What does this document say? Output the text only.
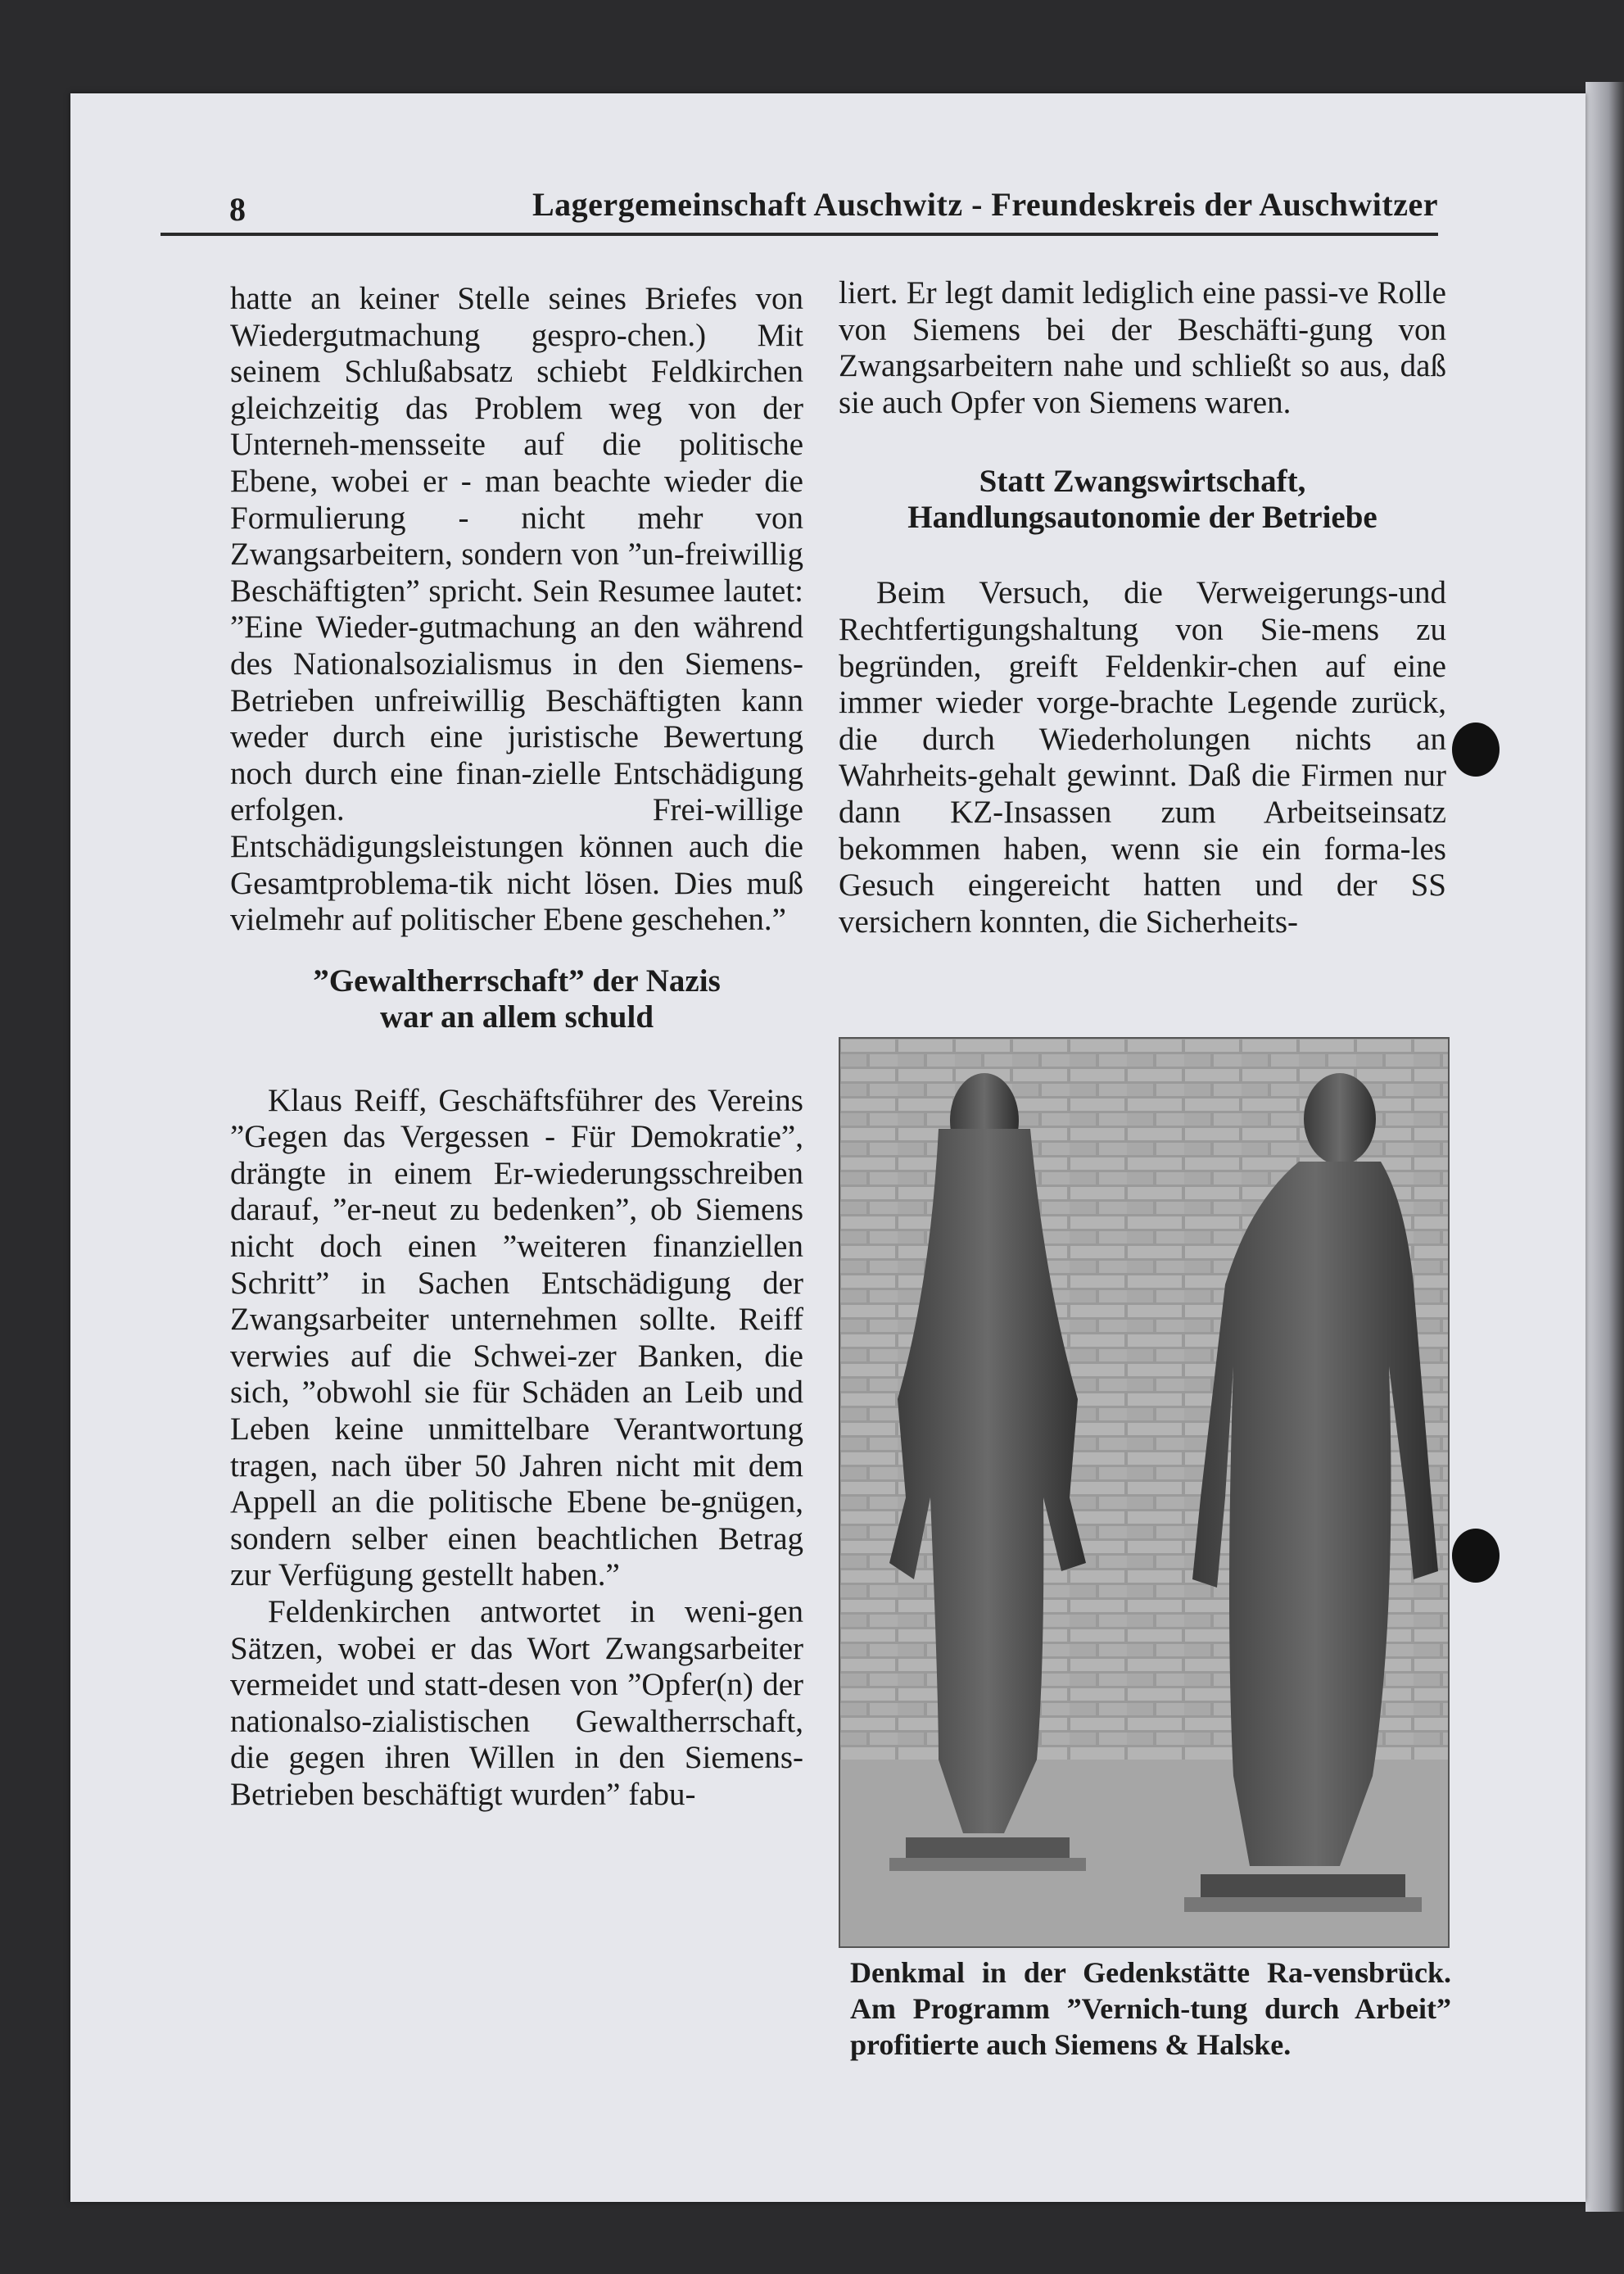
8	Lagergemeinschaft Auschwitz - Freundeskreis der Auschwitzer

hatte an keiner Stelle seines Briefes von Wiedergutmachung gespro-chen.) Mit seinem Schlußabsatz schiebt Feldkirchen gleichzeitig das Problem weg von der Unterneh-mensseite auf die politische Ebene, wobei er - man beachte wieder die Formulierung - nicht mehr von Zwangsarbeitern, sondern von ”un-freiwillig Beschäftigten” spricht. Sein Resumee lautet: ”Eine Wieder-gutmachung an den während des Nationalsozialismus in den Siemens-Betrieben unfreiwillig Beschäftigten kann weder durch eine juristische Bewertung noch durch eine finan-zielle Entschädigung erfolgen. Frei-willige Entschädigungsleistungen können auch die Gesamtproblema-tik nicht lösen. Dies muß vielmehr auf politischer Ebene geschehen.”

”Gewaltherrschaft” der Nazis

war an allem schuld

Klaus Reiff, Geschäftsführer des Vereins ”Gegen das Vergessen - Für Demokratie”, drängte in einem Er-wiederungsschreiben darauf, ”er-neut zu bedenken”, ob Siemens nicht doch einen ”weiteren finanziellen Schritt” in Sachen Entschädigung der Zwangsarbeiter unternehmen sollte. Reiff verwies auf die Schwei-zer Banken, die sich, ”obwohl sie für Schäden an Leib und Leben keine unmittelbare Verantwortung tragen, nach über 50 Jahren nicht mit dem Appell an die politische Ebene be-gnügen, sondern selber einen beachtlichen Betrag zur Verfügung gestellt haben.”

Feldenkirchen antwortet in weni-gen Sätzen, wobei er das Wort Zwangsarbeiter vermeidet und statt-desen von ”Opfer(n) der nationalso-zialistischen Gewaltherrschaft, die gegen ihren Willen in den Siemens-Betrieben beschäftigt wurden” fabu-

liert. Er legt damit lediglich eine passi-ve Rolle von Siemens bei der Beschäfti-gung von Zwangsarbeitern nahe und schließt so aus, daß sie auch Opfer von Siemens waren.

Statt Zwangswirtschaft,

Handlungsautonomie der Betriebe

Beim Versuch, die Verweigerungs-und Rechtfertigungshaltung von Sie-mens zu begründen, greift Feldenkir-chen auf eine immer wieder vorge-brachte Legende zurück, die durch Wiederholungen nichts an Wahrheits-gehalt gewinnt. Daß die Firmen nur dann KZ-Insassen zum Arbeitseinsatz bekommen haben, wenn sie ein forma-les Gesuch eingereicht hatten und der SS versichern konnten, die Sicherheits-

Denkmal in der Gedenkstätte Ra-vensbrück. Am Programm ”Vernich-tung durch Arbeit” profitierte auch Siemens & Halske.
